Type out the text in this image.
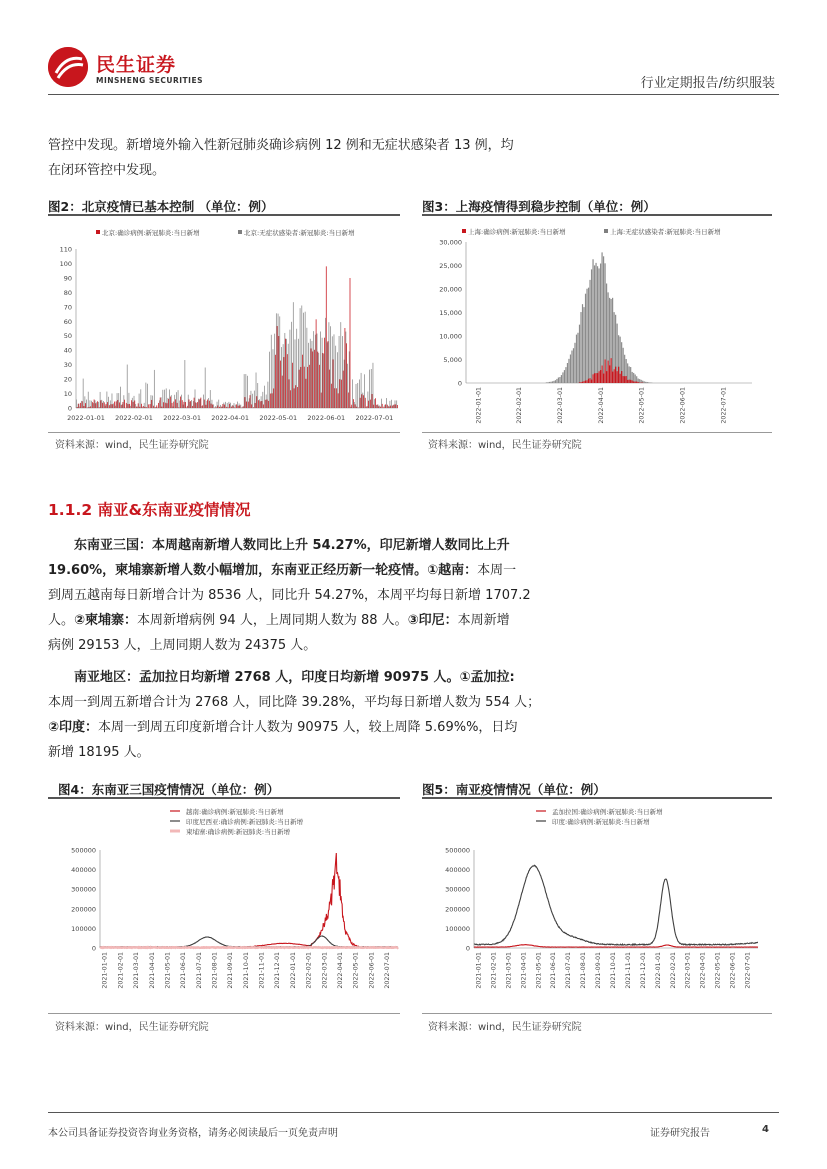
民生证券
MINSHENG SECURITIES	行业定期报告/纺织服装
管控中发现。新增境外输入性新冠肺炎确诊病例 12 例和无症状感染者 13 例，均
在闭环管控中发现。
图2：北京疫情已基本控制 （单位：例）
北京:确诊病例:新冠肺炎:当日新增	北京:无症状感染者:新冠肺炎:当日新增
0
10
20
30
40
50
60
70
80
90
100
110
2022-01-01 2022-02-01 2022-03-01 2022-04-01 2022-05-01 2022-06-01 2022-07-01
资料来源：wind，民生证券研究院
图3：上海疫情得到稳步控制（单位：例）
上海:确诊病例:新冠肺炎:当日新增	上海:无症状感染者:新冠肺炎:当日新增
0
5,000
10,000
15,000
20,000
25,000
30,000
2022-01-01	2022-02-01	2022-03-01	2022-04-01	2022-05-01	2022-06-01	2022-07-01
资料来源：wind，民生证券研究院
1.1.2 南亚&东南亚疫情情况
东南亚三国：本周越南新增人数同比上升 54.27%，印尼新增人数同比上升
19.60%，柬埔寨新增人数小幅增加，东南亚正经历新一轮疫情。①越南：本周一
到周五越南每日新增合计为 8536 人，同比升 54.27%，本周平均每日新增 1707.2
人。②柬埔寨：本周新增病例 94 人，上周同期人数为 88 人。③印尼：本周新增
病例 29153 人，上周同期人数为 24375 人。
南亚地区：孟加拉日均新增 2768 人，印度日均新增 90975 人。①孟加拉:
本周一到周五新增合计为 2768 人，同比降 39.28%，平均每日新增人数为 554 人；
②印度：本周一到周五印度新增合计人数为 90975 人，较上周降 5.69%%，日均
新增 18195 人。
图4：东南亚三国疫情情况（单位：例）
越南:确诊病例:新冠肺炎:当日新增
印度尼西亚:确诊病例:新冠肺炎:当日新增
柬埔寨:确诊病例:新冠肺炎:当日新增
0
100000
200000
300000
400000
500000
2021-01-01 2021-02-01 2021-03-01 2021-04-01 2021-05-01 2021-06-01 2021-07-01 2021-08-01 2021-09-01 2021-10-01 2021-11-01 2021-12-01 2022-01-01 2022-02-01 2022-03-01 2022-04-01 2022-05-01 2022-06-01 2022-07-01
资料来源：wind，民生证券研究院
图5：南亚疫情情况（单位：例）
孟加拉国:确诊病例:新冠肺炎:当日新增
印度:确诊病例:新冠肺炎:当日新增
0
100000
200000
300000
400000
500000
2021-01-01 2021-02-01 2021-03-01 2021-04-01 2021-05-01 2021-06-01 2021-07-01 2021-08-01 2021-09-01 2021-10-01 2021-11-01 2021-12-01 2022-01-01 2022-02-01 2022-03-01 2022-04-01 2022-05-01 2022-06-01 2022-07-01
资料来源：wind，民生证券研究院
本公司具备证券投资咨询业务资格，请务必阅读最后一页免责声明	证券研究报告	4
